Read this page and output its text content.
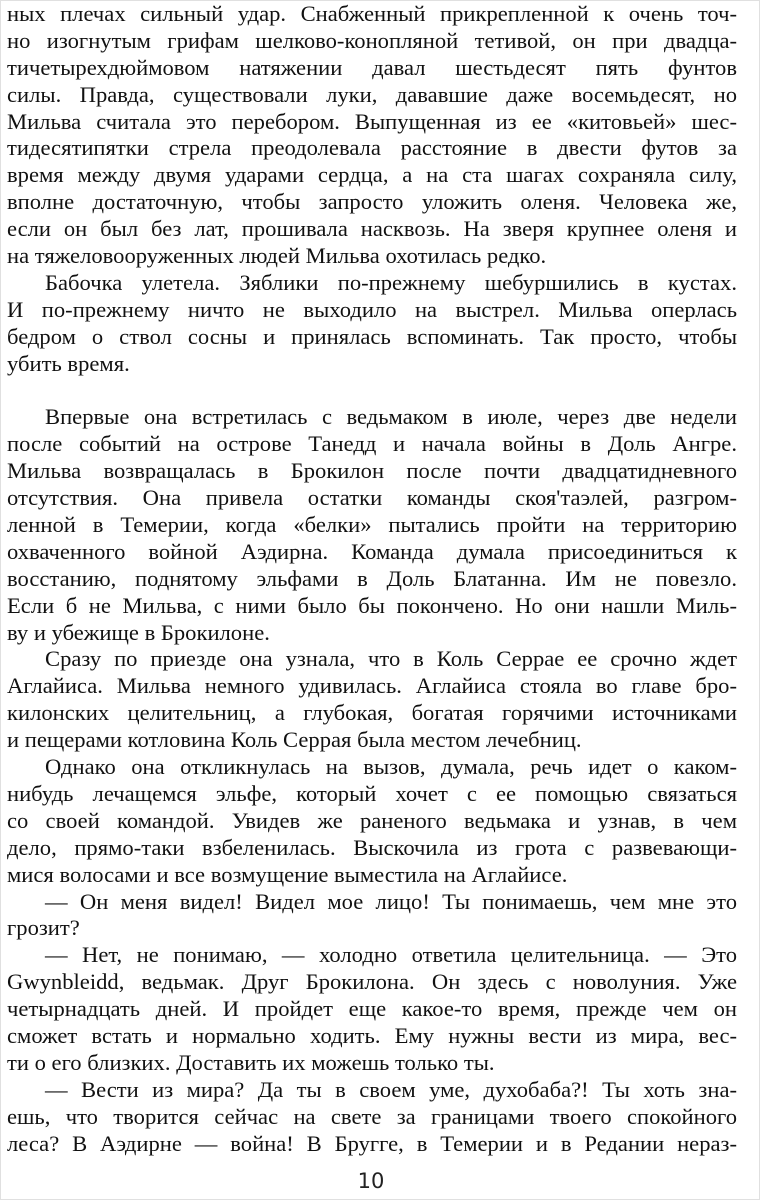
ных плечах сильный удар. Снабженный прикрепленной к очень точ-
но изогнутым грифам шелково-конопляной тетивой, он при двадца-
тичетырехдюймовом натяжении давал шестьдесят пять фунтов
силы. Правда, существовали луки, дававшие даже восемьдесят, но
Мильва считала это перебором. Выпущенная из ее «китовьей» шес-
тидесятипятки стрела преодолевала расстояние в двести футов за
время между двумя ударами сердца, а на ста шагах сохраняла силу,
вполне достаточную, чтобы запросто уложить оленя. Человека же,
если он был без лат, прошивала насквозь. На зверя крупнее оленя и
на тяжеловооруженных людей Мильва охотилась редко.
Бабочка улетела. Зяблики по-прежнему шебуршились в кустах.
И по-прежнему ничто не выходило на выстрел. Мильва оперлась
бедром о ствол сосны и принялась вспоминать. Так просто, чтобы
убить время.
Впервые она встретилась с ведьмаком в июле, через две недели
после событий на острове Танедд и начала войны в Доль Ангре.
Мильва возвращалась в Брокилон после почти двадцатидневного
отсутствия. Она привела остатки команды скоя'таэлей, разгром-
ленной в Темерии, когда «белки» пытались пройти на территорию
охваченного войной Аэдирна. Команда думала присоединиться к
восстанию, поднятому эльфами в Доль Блатанна. Им не повезло.
Если б не Мильва, с ними было бы покончено. Но они нашли Миль-
ву и убежище в Брокилоне.
Сразу по приезде она узнала, что в Коль Серрае ее срочно ждет
Аглайиса. Мильва немного удивилась. Аглайиса стояла во главе бро-
килонских целительниц, а глубокая, богатая горячими источниками
и пещерами котловина Коль Серрая была местом лечебниц.
Однако она откликнулась на вызов, думала, речь идет о каком-
нибудь лечащемся эльфе, который хочет с ее помощью связаться
со своей командой. Увидев же раненого ведьмака и узнав, в чем
дело, прямо-таки взбеленилась. Выскочила из грота с развевающи-
мися волосами и все возмущение выместила на Аглайисе.
— Он меня видел! Видел мое лицо! Ты понимаешь, чем мне это
грозит?
— Нет, не понимаю, — холодно ответила целительница. — Это
Gwynbleidd, ведьмак. Друг Брокилона. Он здесь с новолуния. Уже
четырнадцать дней. И пройдет еще какое-то время, прежде чем он
сможет встать и нормально ходить. Ему нужны вести из мира, вес-
ти о его близких. Доставить их можешь только ты.
— Вести из мира? Да ты в своем уме, духобаба?! Ты хоть зна-
ешь, что творится сейчас на свете за границами твоего спокойного
леса? В Аэдирне — война! В Бругге, в Темерии и в Редании нераз-
10
